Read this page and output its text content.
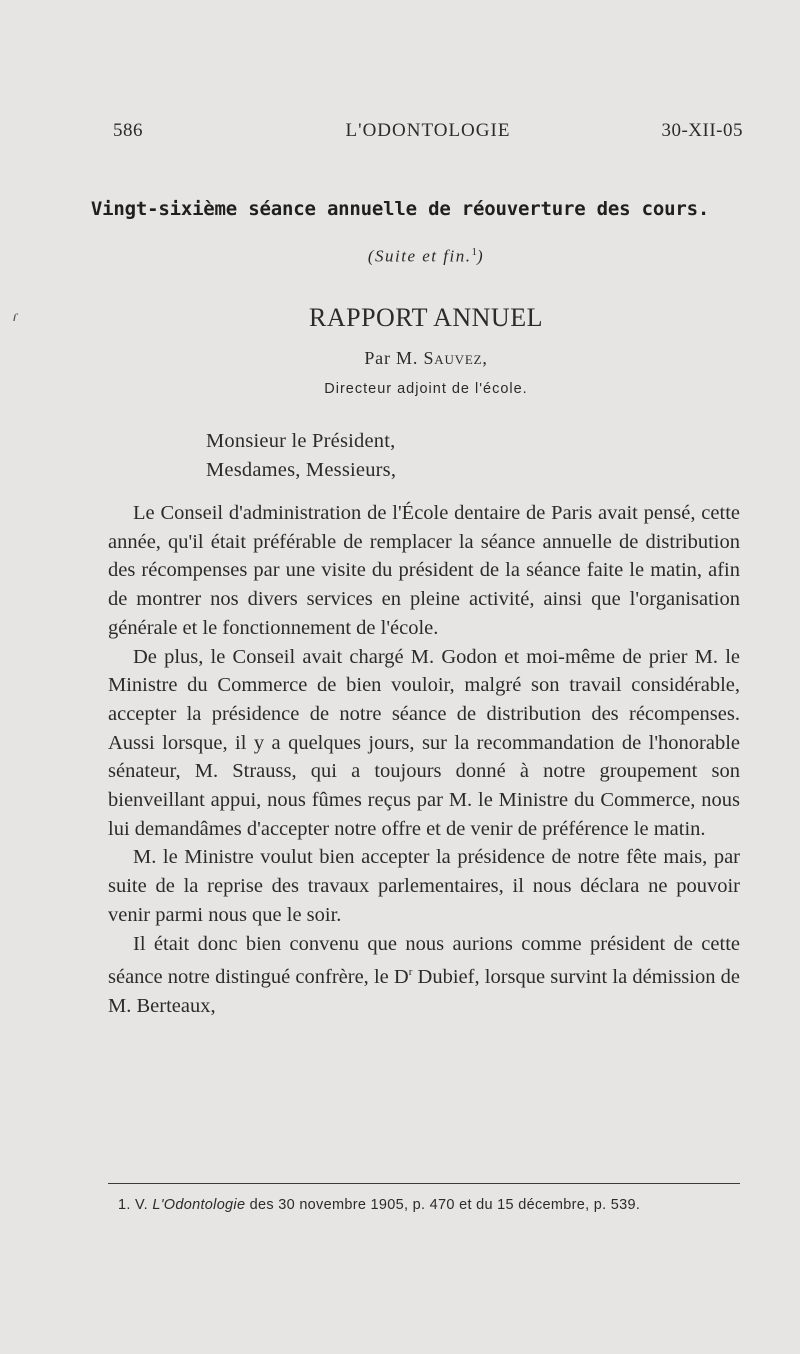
586	L'ODONTOLOGIE	30-XII-05
ɾ
Vingt-sixième séance annuelle de réouverture des cours.
(Suite et fin.$^1$)
RAPPORT ANNUEL
Par M. Sauvez,
Directeur adjoint de l'école.
Monsieur le Président,
Mesdames, Messieurs,

Le Conseil d'administration de l'École dentaire de Paris avait pensé, cette année, qu'il était préférable de remplacer la séance annuelle de distribution des récompenses par une visite du président de la séance faite le matin, afin de montrer nos divers services en pleine activité, ainsi que l'organisation générale et le fonctionnement de l'école.

De plus, le Conseil avait chargé M. Godon et moi-même de prier M. le Ministre du Commerce de bien vouloir, malgré son travail considérable, accepter la présidence de notre séance de distribution des récompenses. Aussi lorsque, il y a quelques jours, sur la recommandation de l'honorable sénateur, M. Strauss, qui a toujours donné à notre groupement son bienveillant appui, nous fûmes reçus par M. le Ministre du Commerce, nous lui demandâmes d'accepter notre offre et de venir de préférence le matin.

M. le Ministre voulut bien accepter la présidence de notre fête mais, par suite de la reprise des travaux parlementaires, il nous déclara ne pouvoir venir parmi nous que le soir.

Il était donc bien convenu que nous aurions comme président de cette séance notre distingué confrère, le $D^r$ Dubief, lorsque survint la démission de M. Berteaux,

1. V. L'Odontologie des 30 novembre 1905, p. 470 et du 15 décembre, p. 539.
